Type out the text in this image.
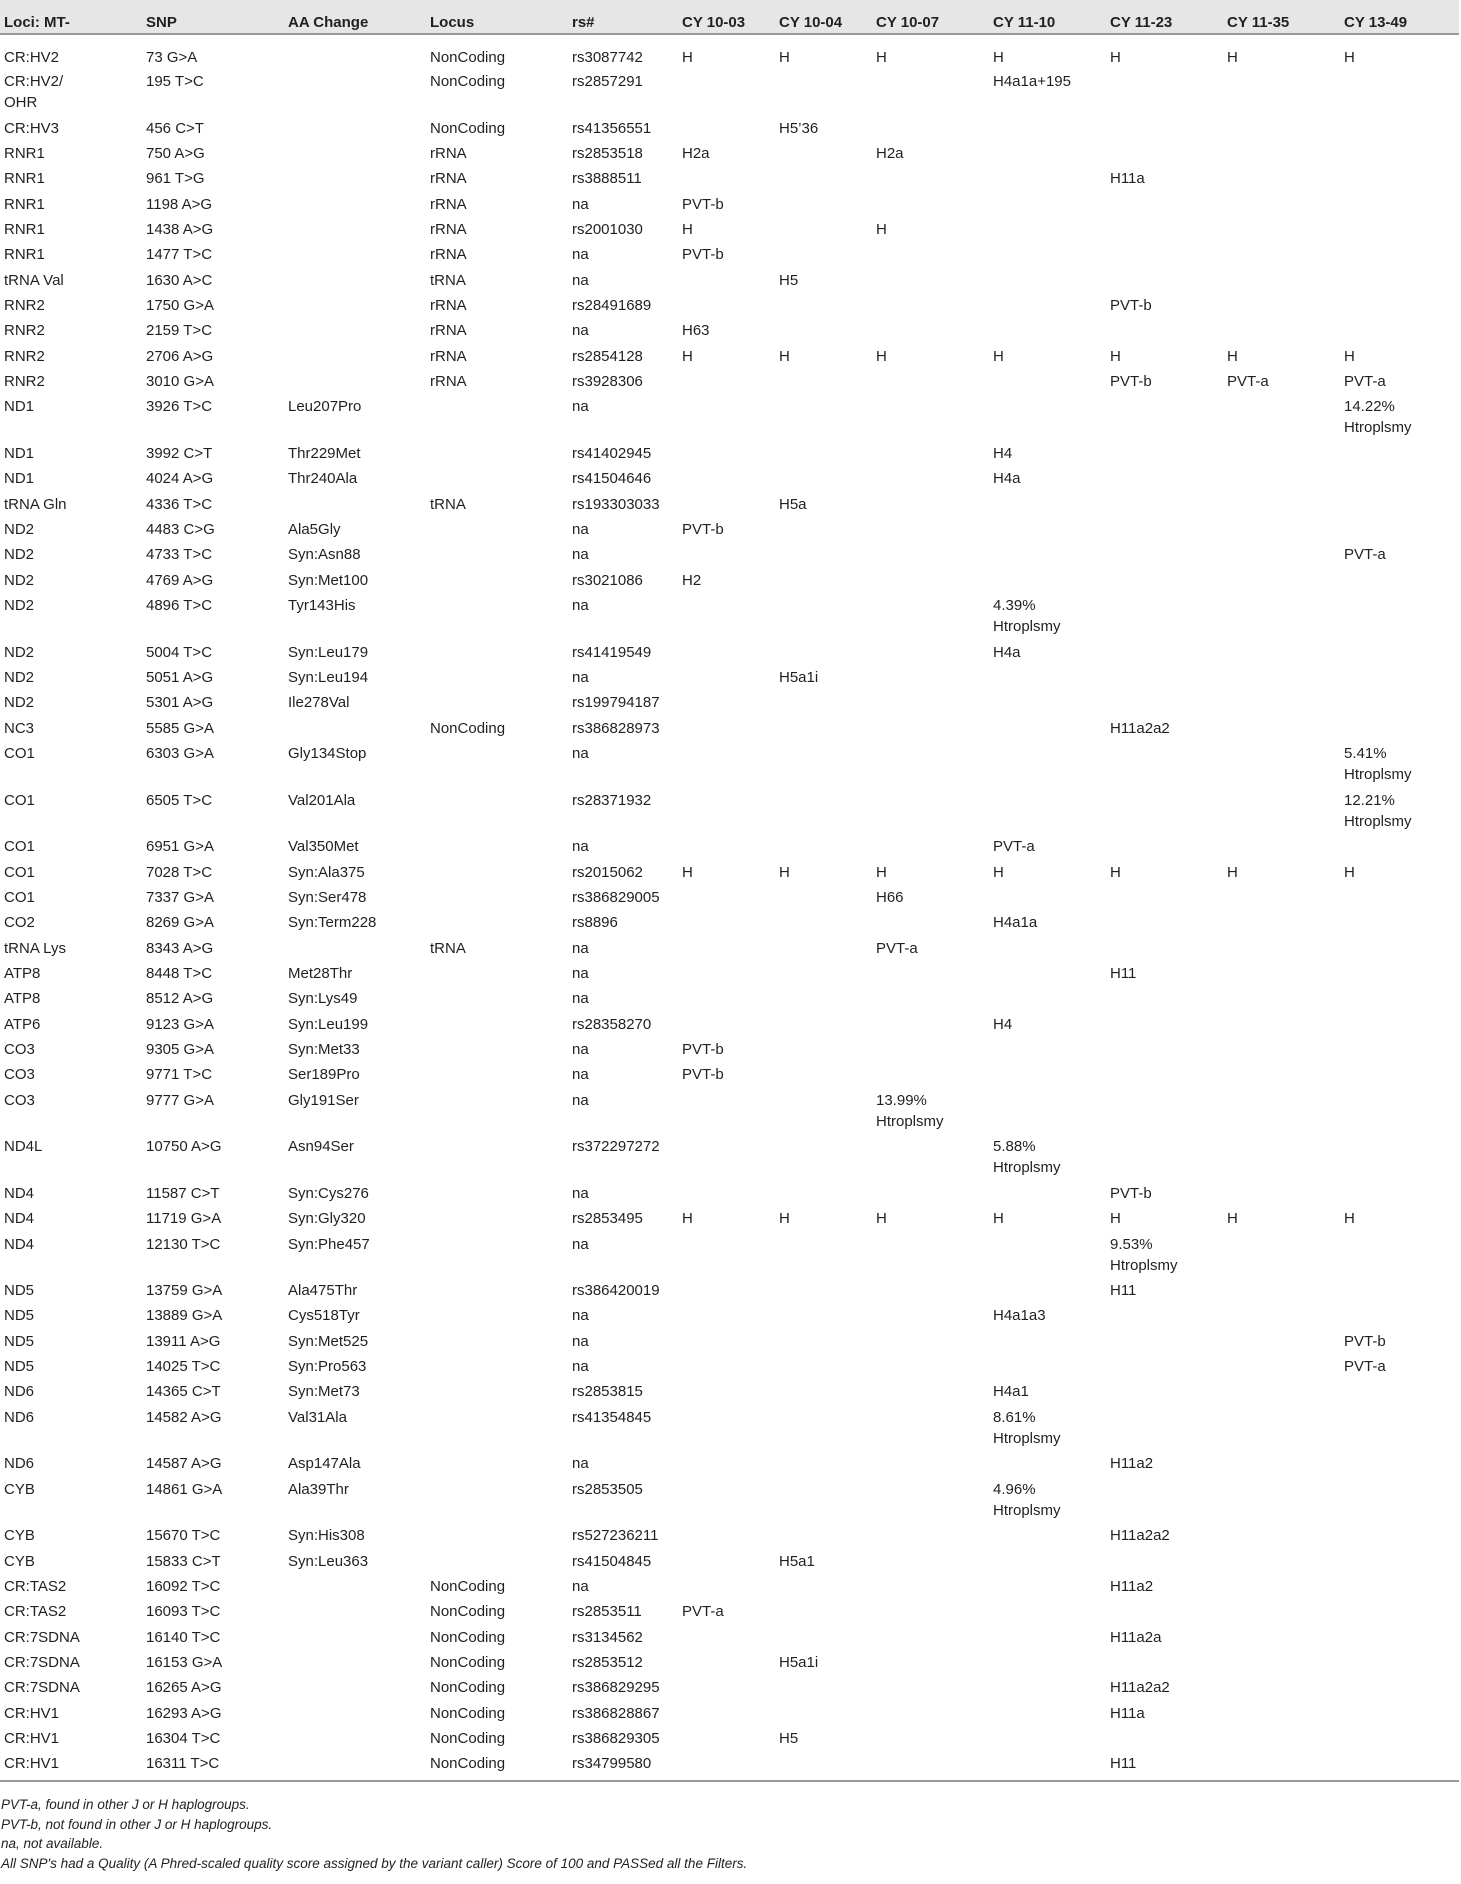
Loci: MT-	SNP	AA Change	Locus	rs#	CY 10-03	CY 10-04	CY 10-07	CY 11-10	CY 11-23	CY 11-35	CY 13-49
CR:HV2	73 G>A		NonCoding	rs3087742	H	H	H	H	H	H	H
CR:HV2/
OHR	195 T>C		NonCoding	rs2857291				H4a1a+195			
CR:HV3	456 C>T		NonCoding	rs41356551		H5’36					
RNR1	750 A>G		rRNA	rs2853518	H2a		H2a				
RNR1	961 T>G		rRNA	rs3888511					H11a		
RNR1	1198 A>G		rRNA	na	PVT-b						
RNR1	1438 A>G		rRNA	rs2001030	H		H				
RNR1	1477 T>C		rRNA	na	PVT-b						
tRNA Val	1630 A>C		tRNA	na		H5					
RNR2	1750 G>A		rRNA	rs28491689					PVT-b		
RNR2	2159 T>C		rRNA	na	H63						
RNR2	2706 A>G		rRNA	rs2854128	H	H	H	H	H	H	H
RNR2	3010 G>A		rRNA	rs3928306					PVT-b	PVT-a	PVT-a
ND1	3926 T>C	Leu207Pro		na							14.22%
Htroplsmy
ND1	3992 C>T	Thr229Met		rs41402945				H4			
ND1	4024 A>G	Thr240Ala		rs41504646				H4a			
tRNA Gln	4336 T>C		tRNA	rs193303033		H5a					
ND2	4483 C>G	Ala5Gly		na	PVT-b						
ND2	4733 T>C	Syn:Asn88		na							PVT-a
ND2	4769 A>G	Syn:Met100		rs3021086	H2						
ND2	4896 T>C	Tyr143His		na				4.39%
Htroplsmy			
ND2	5004 T>C	Syn:Leu179		rs41419549				H4a			
ND2	5051 A>G	Syn:Leu194		na		H5a1i					
ND2	5301 A>G	Ile278Val		rs199794187							
NC3	5585 G>A		NonCoding	rs386828973					H11a2a2		
CO1	6303 G>A	Gly134Stop		na							5.41%
Htroplsmy
CO1	6505 T>C	Val201Ala		rs28371932							12.21%
Htroplsmy
CO1	6951 G>A	Val350Met		na				PVT-a			
CO1	7028 T>C	Syn:Ala375		rs2015062	H	H	H	H	H	H	H
CO1	7337 G>A	Syn:Ser478		rs386829005			H66				
CO2	8269 G>A	Syn:Term228		rs8896				H4a1a			
tRNA Lys	8343 A>G		tRNA	na			PVT-a				
ATP8	8448 T>C	Met28Thr		na					H11		
ATP8	8512 A>G	Syn:Lys49		na							
ATP6	9123 G>A	Syn:Leu199		rs28358270				H4			
CO3	9305 G>A	Syn:Met33		na	PVT-b						
CO3	9771 T>C	Ser189Pro		na	PVT-b						
CO3	9777 G>A	Gly191Ser		na			13.99%
Htroplsmy				
ND4L	10750 A>G	Asn94Ser		rs372297272				5.88%
Htroplsmy			
ND4	11587 C>T	Syn:Cys276		na					PVT-b		
ND4	11719 G>A	Syn:Gly320		rs2853495	H	H	H	H	H	H	H
ND4	12130 T>C	Syn:Phe457		na					9.53%
Htroplsmy		
ND5	13759 G>A	Ala475Thr		rs386420019					H11		
ND5	13889 G>A	Cys518Tyr		na				H4a1a3			
ND5	13911 A>G	Syn:Met525		na							PVT-b
ND5	14025 T>C	Syn:Pro563		na							PVT-a
ND6	14365 C>T	Syn:Met73		rs2853815				H4a1			
ND6	14582 A>G	Val31Ala		rs41354845				8.61%
Htroplsmy			
ND6	14587 A>G	Asp147Ala		na					H11a2		
CYB	14861 G>A	Ala39Thr		rs2853505				4.96%
Htroplsmy			
CYB	15670 T>C	Syn:His308		rs527236211					H11a2a2		
CYB	15833 C>T	Syn:Leu363		rs41504845		H5a1					
CR:TAS2	16092 T>C		NonCoding	na					H11a2		
CR:TAS2	16093 T>C		NonCoding	rs2853511	PVT-a						
CR:7SDNA	16140 T>C		NonCoding	rs3134562					H11a2a		
CR:7SDNA	16153 G>A		NonCoding	rs2853512		H5a1i					
CR:7SDNA	16265 A>G		NonCoding	rs386829295					H11a2a2		
CR:HV1	16293 A>G		NonCoding	rs386828867					H11a		
CR:HV1	16304 T>C		NonCoding	rs386829305		H5					
CR:HV1	16311 T>C		NonCoding	rs34799580					H11		
PVT-a, found in other J or H haplogroups.
PVT-b, not found in other J or H haplogroups.
na, not available.
All SNP's had a Quality (A Phred-scaled quality score assigned by the variant caller) Score of 100 and PASSed all the Filters.
